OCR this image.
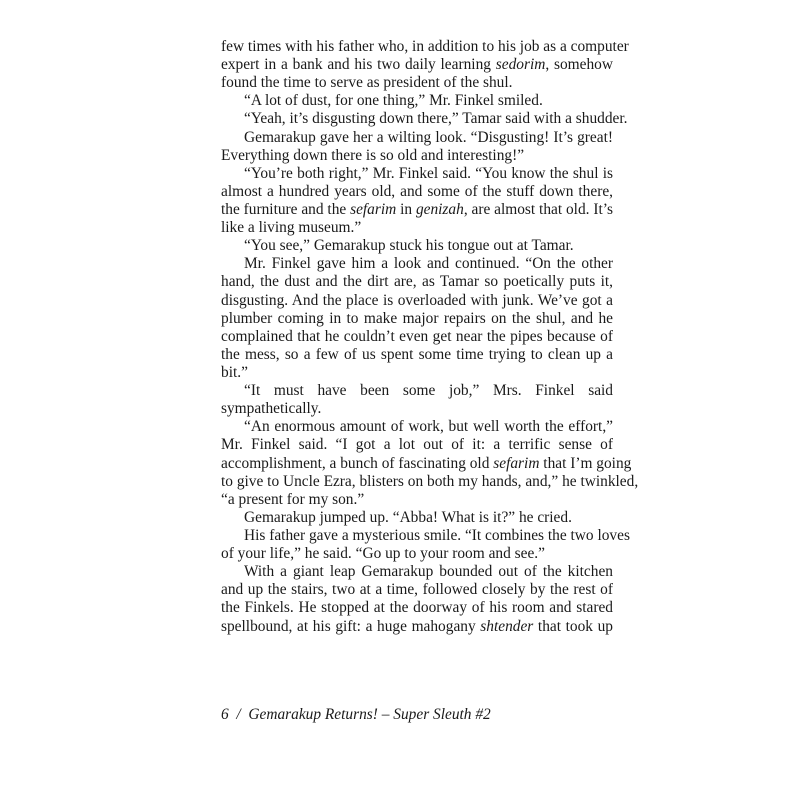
few times with his father who, in addition to his job as a computer
expert in a bank and his two daily learning sedorim, somehow
found the time to serve as president of the shul.
“A lot of dust, for one thing,” Mr. Finkel smiled.
“Yeah, it’s disgusting down there,” Tamar said with a shudder.
Gemarakup gave her a wilting look. “Disgusting! It’s great!
Everything down there is so old and interesting!”
“You’re both right,” Mr. Finkel said. “You know the shul is
almost a hundred years old, and some of the stuff down there,
the furniture and the sefarim in genizah, are almost that old. It’s
like a living museum.”
“You see,” Gemarakup stuck his tongue out at Tamar.
Mr. Finkel gave him a look and continued. “On the other
hand, the dust and the dirt are, as Tamar so poetically puts it,
disgusting. And the place is overloaded with junk. We’ve got a
plumber coming in to make major repairs on the shul, and he
complained that he couldn’t even get near the pipes because of
the mess, so a few of us spent some time trying to clean up a
bit.”
“It must have been some job,” Mrs. Finkel said
sympathetically.
“An enormous amount of work, but well worth the effort,”
Mr. Finkel said. “I got a lot out of it: a terrific sense of
accomplishment, a bunch of fascinating old sefarim that I’m going
to give to Uncle Ezra, blisters on both my hands, and,” he twinkled,
“a present for my son.”
Gemarakup jumped up. “Abba! What is it?” he cried.
His father gave a mysterious smile. “It combines the two loves
of your life,” he said. “Go up to your room and see.”
With a giant leap Gemarakup bounded out of the kitchen
and up the stairs, two at a time, followed closely by the rest of
the Finkels. He stopped at the doorway of his room and stared
spellbound, at his gift: a huge mahogany shtender that took up
6 /  Gemarakup Returns! – Super Sleuth #2
